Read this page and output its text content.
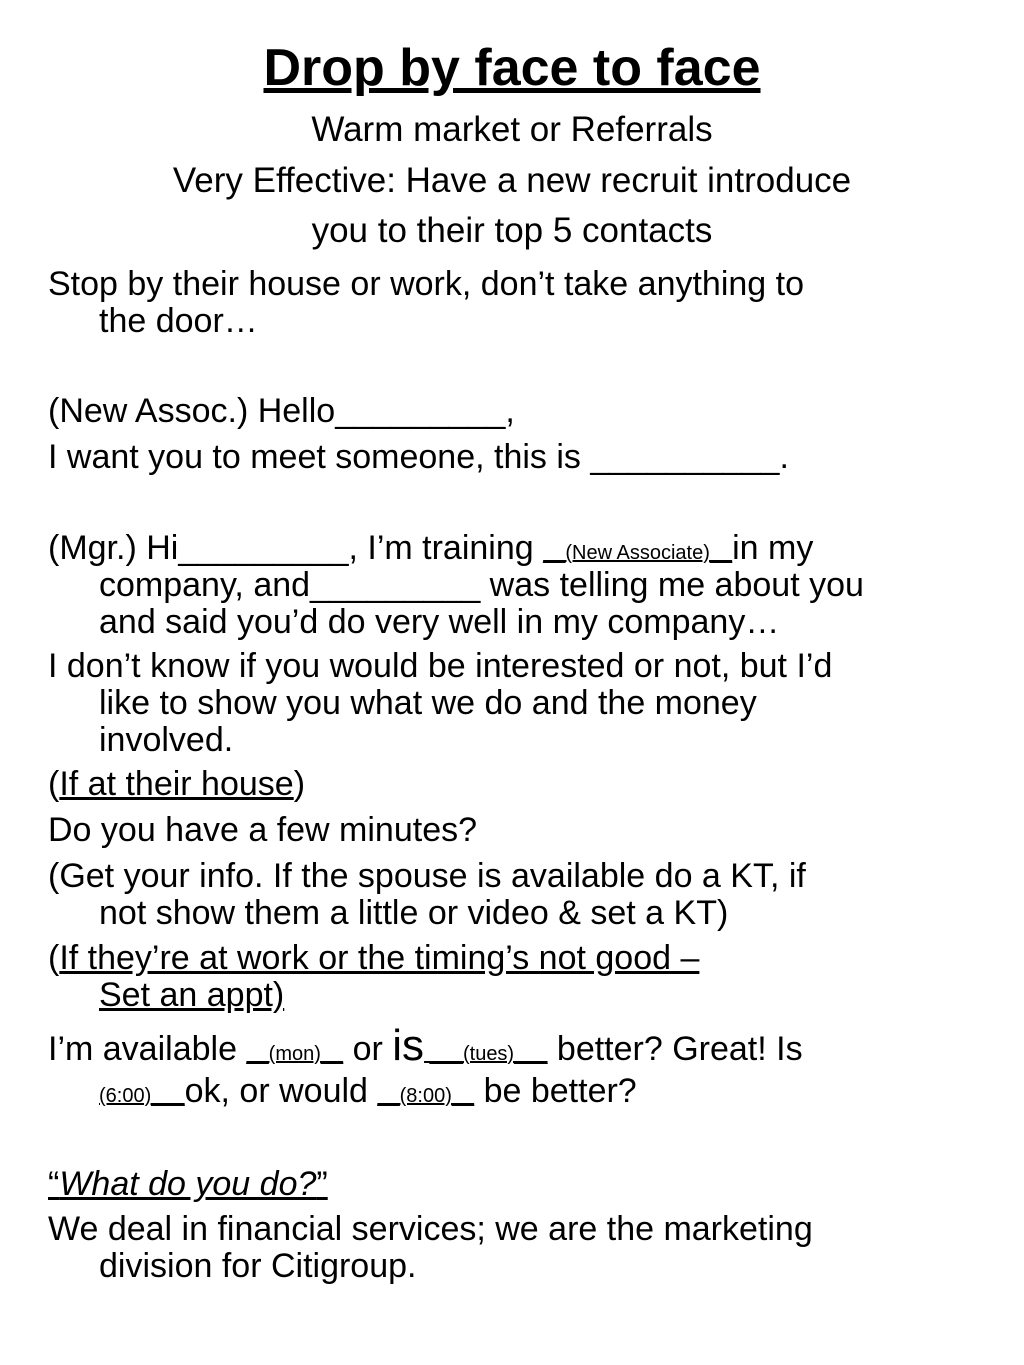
Drop by face to face
Warm market or Referrals
Very Effective: Have a new recruit introduce
you to their top 5 contacts
Stop by their house or work, don’t take anything to
the door…
(New Assoc.) Hello_________,
I want you to meet someone, this is __________.
(Mgr.) Hi_________, I’m training __(New Associate)__in my
company, and_________ was telling me about you
and said you’d do very well in my company…
I don’t know if you would be interested or not, but I’d
like to show you what we do and the money
involved.
(If at their house)
Do you have a few minutes?
(Get your info. If the spouse is available do a KT, if
not show them a little or video & set a KT)
(If they’re at work or the timing’s not good –
Set an appt)
I’m available __(mon)__ or is ___(tues)___ better? Great! Is
(6:00)___ok, or would __(8:00)__ be better?
“What do you do?”
We deal in financial services; we are the marketing
division for Citigroup.
